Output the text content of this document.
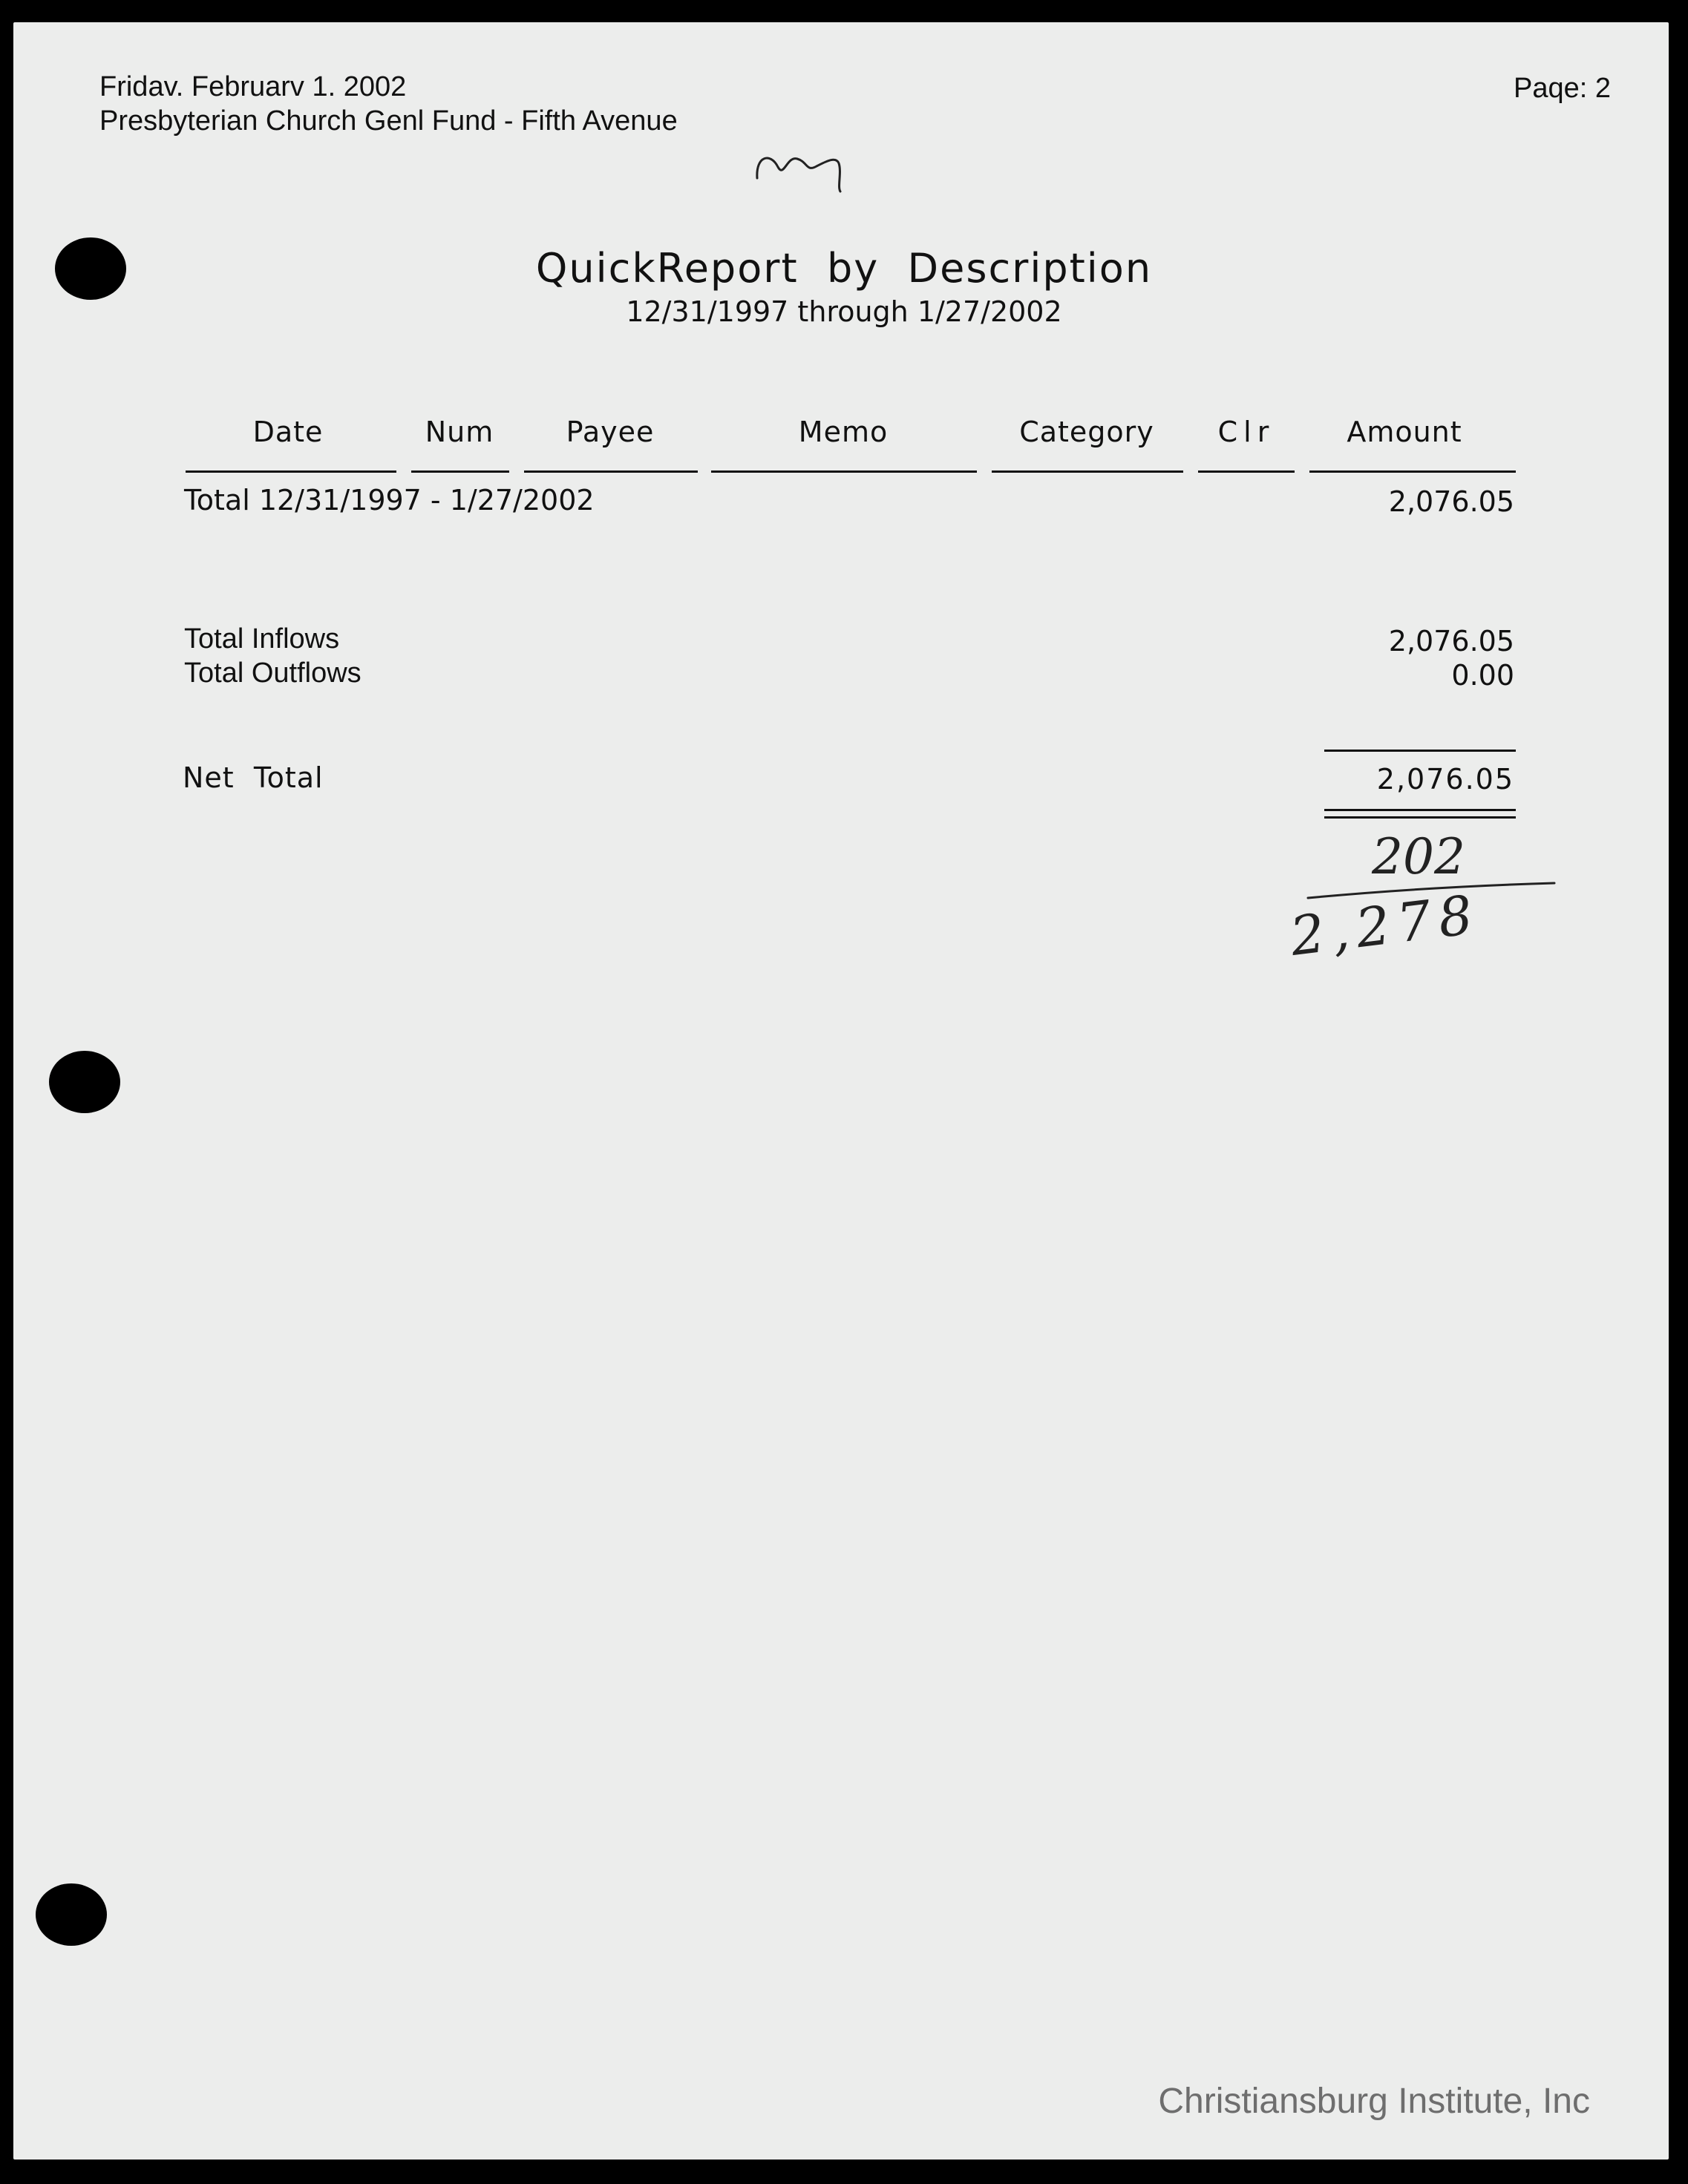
Fridav. Februarv 1. 2002
Presbyterian Church Genl Fund - Fifth Avenue
Paqe: 2
QuickReport  by  Description
12/31/1997 through 1/27/2002
Date	Num	Payee	Memo	Category	Clr	Amount
Total 12/31/1997 - 1/27/2002	2,076.05
Total Inflows	2,076.05
Total Outflows	0.00
Net  Total	2,076.05
202
2,278
Christiansburg Institute, Inc
